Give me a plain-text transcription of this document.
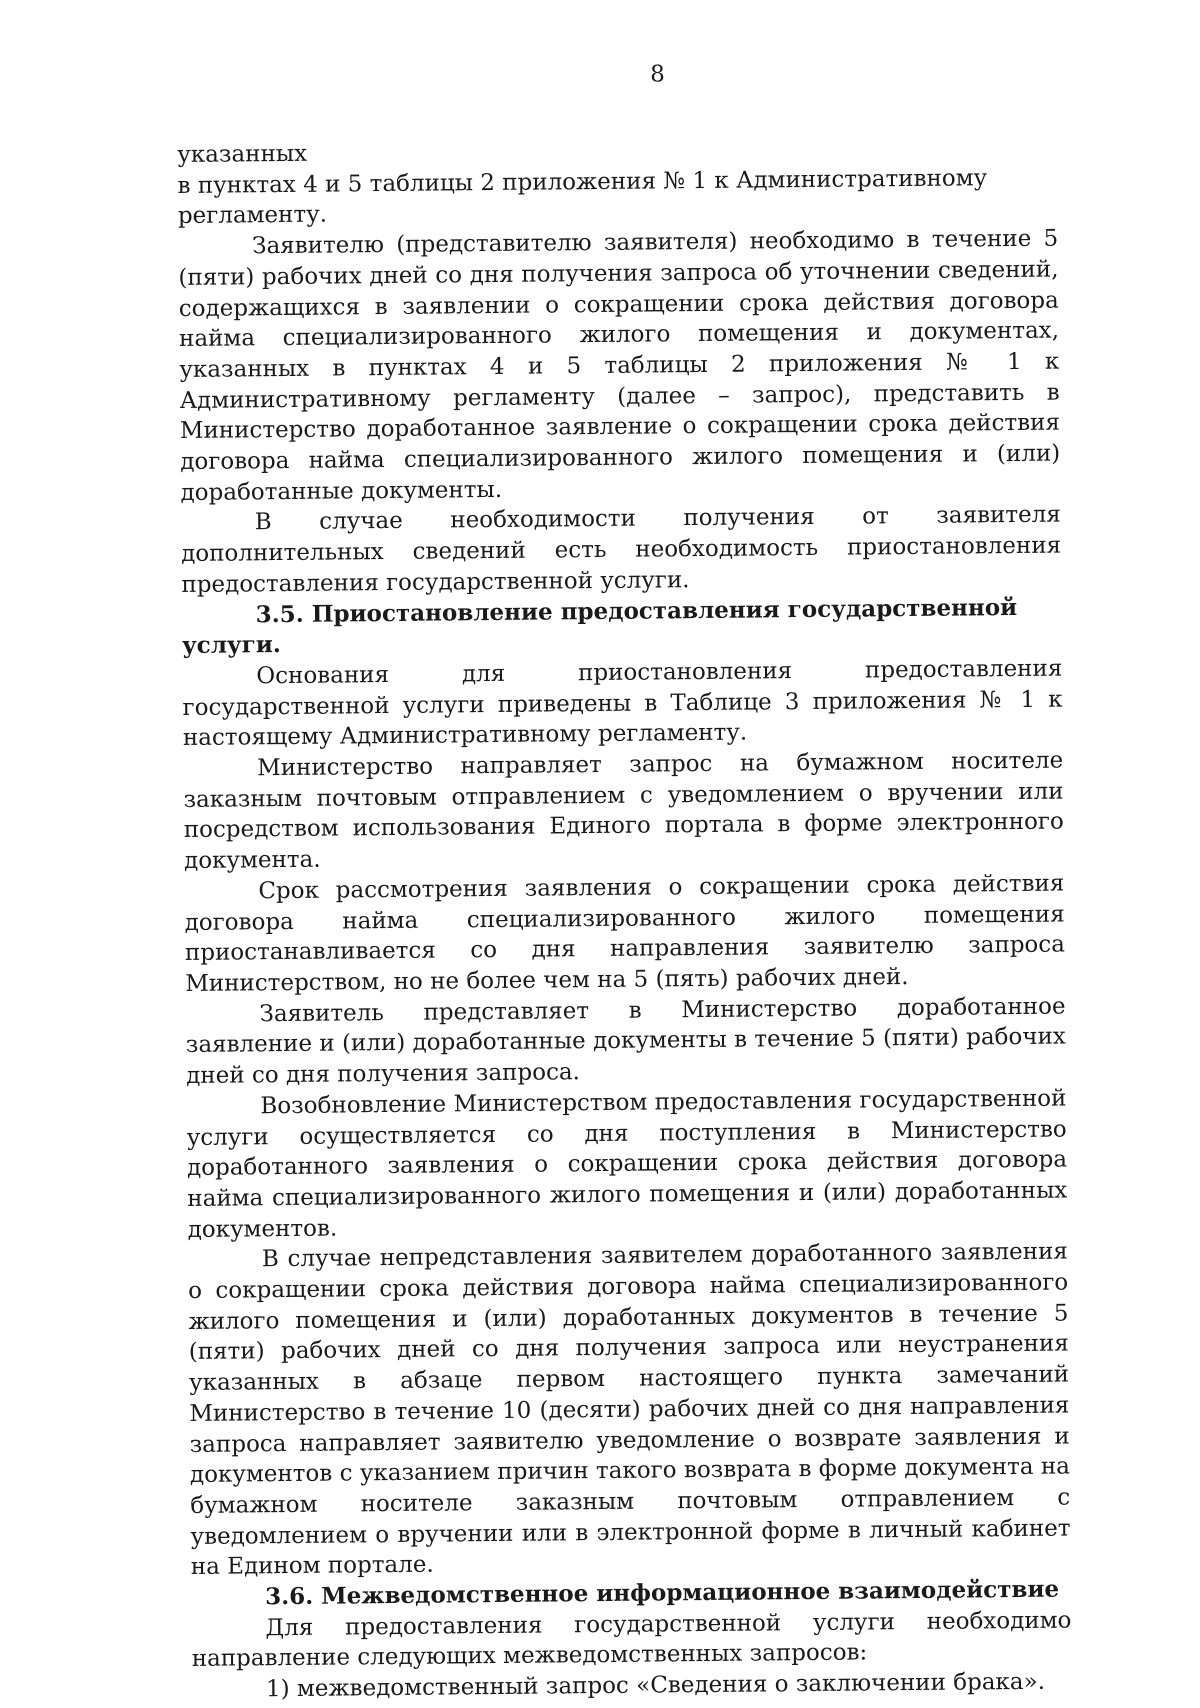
8

указанных

в пунктах 4 и 5 таблицы 2 приложения № 1 к Административному регламенту.

Заявителю (представителю заявителя) необходимо в течение 5 (пяти) рабочих дней со дня получения запроса об уточнении сведений, содержащихся в заявлении о сокращении срока действия договора найма специализированного жилого помещения и документах, указанных в пунктах 4 и 5 таблицы 2 приложения № 1 к Административному регламенту (далее – запрос), представить в Министерство доработанное заявление о сокращении срока действия договора найма специализированного жилого помещения и (или) доработанные документы.

В случае необходимости получения от заявителя дополнительных сведений есть необходимость приостановления предоставления государственной услуги.

3.5. Приостановление предоставления государственной услуги.

Основания для приостановления предоставления государственной услуги приведены в Таблице 3 приложения № 1 к настоящему Административному регламенту.

Министерство направляет запрос на бумажном носителе заказным почтовым отправлением с уведомлением о вручении или посредством использования Единого портала в форме электронного документа.

Срок рассмотрения заявления о сокращении срока действия договора найма специализированного жилого помещения приостанавливается со дня направления заявителю запроса Министерством, но не более чем на 5 (пять) рабочих дней.

Заявитель представляет в Министерство доработанное заявление и (или) доработанные документы в течение 5 (пяти) рабочих дней со дня получения запроса.

Возобновление Министерством предоставления государственной услуги осуществляется со дня поступления в Министерство доработанного заявления о сокращении срока действия договора найма специализированного жилого помещения и (или) доработанных документов.

В случае непредставления заявителем доработанного заявления о сокращении срока действия договора найма специализированного жилого помещения и (или) доработанных документов в течение 5 (пяти) рабочих дней со дня получения запроса или неустранения указанных в абзаце первом настоящего пункта замечаний Министерство в течение 10 (десяти) рабочих дней со дня направления запроса направляет заявителю уведомление о возврате заявления и документов с указанием причин такого возврата в форме документа на бумажном носителе заказным почтовым отправлением с уведомлением о вручении или в электронной форме в личный кабинет на Едином портале.

3.6. Межведомственное информационное взаимодействие

Для предоставления государственной услуги необходимо направление следующих межведомственных запросов:

1) межведомственный запрос «Сведения о заключении брака».
